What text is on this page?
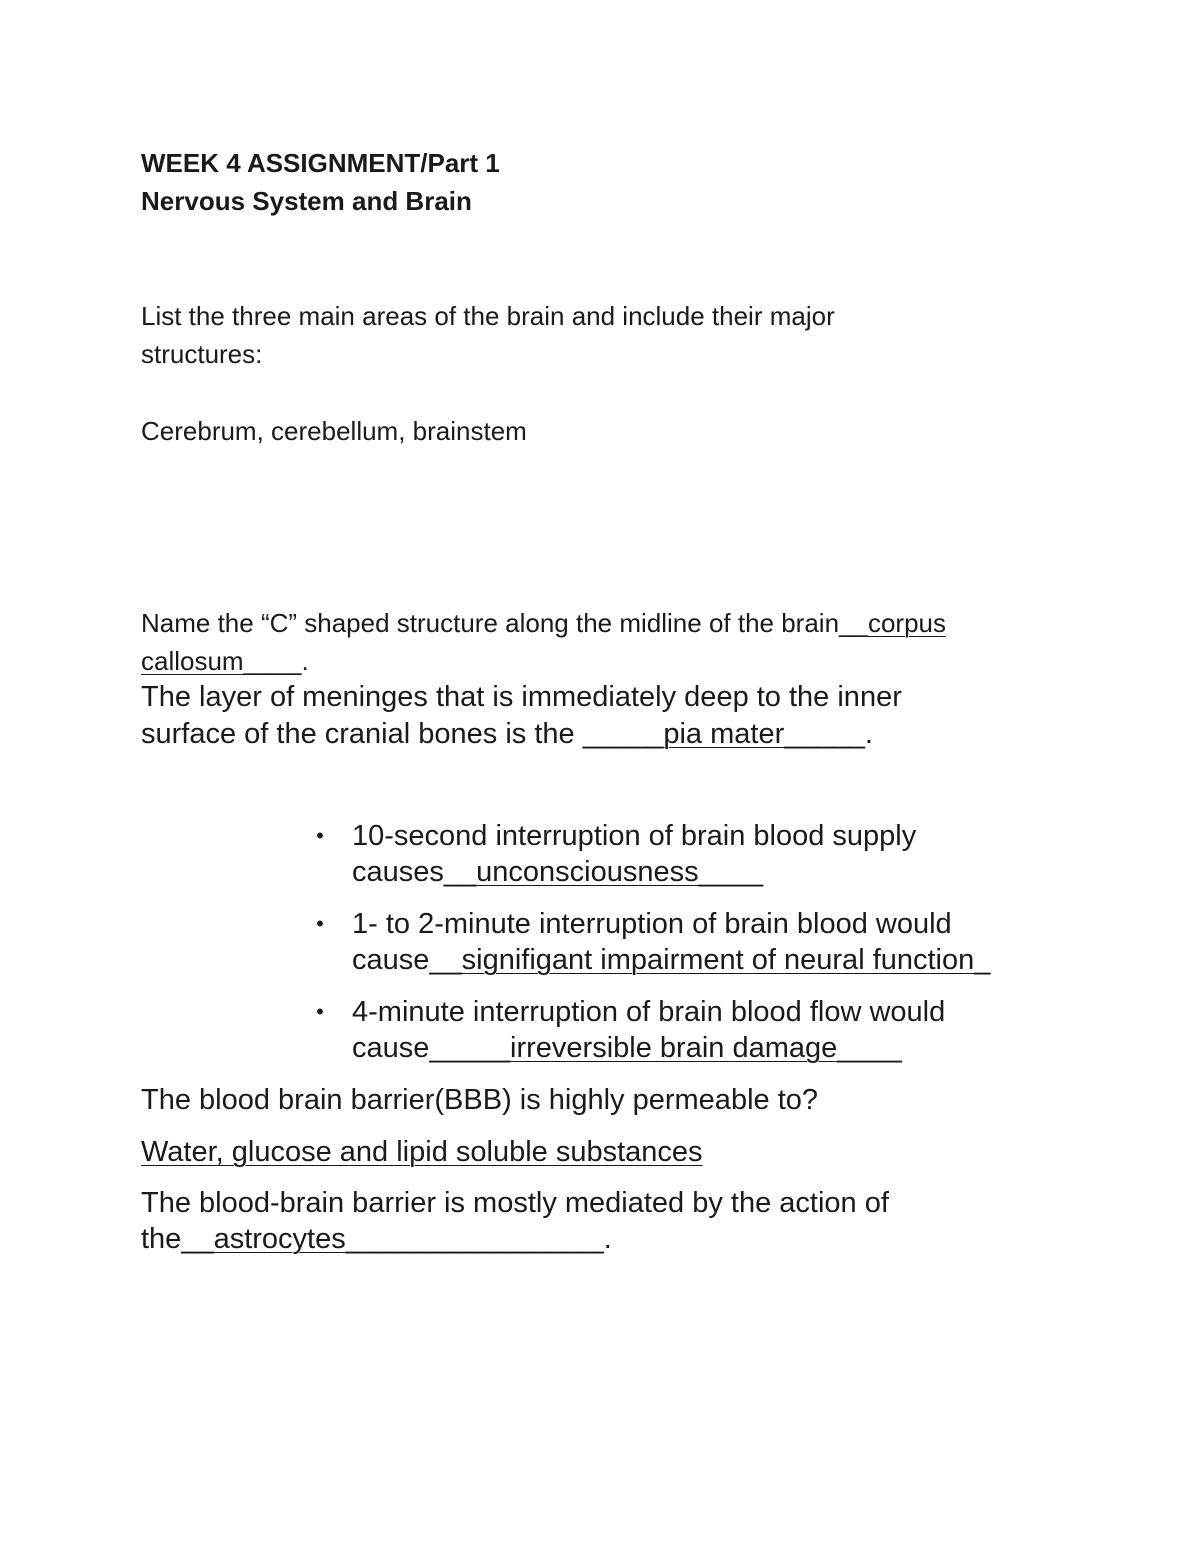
WEEK 4 ASSIGNMENT/Part 1
Nervous System and Brain
List the three main areas of the brain and include their major
structures:
Cerebrum, cerebellum, brainstem
Name the “C” shaped structure along the midline of the brain__corpus
callosum____.
The layer of meninges that is immediately deep to the inner
surface of the cranial bones is the _____pia mater_____.
• 10-second interruption of brain blood supply
causes__unconsciousness____
• 1- to 2-minute interruption of brain blood would
cause__signifigant impairment of neural function_
• 4-minute interruption of brain blood flow would
cause_____irreversible brain damage____
The blood brain barrier(BBB) is highly permeable to?
Water, glucose and lipid soluble substances
The blood-brain barrier is mostly mediated by the action of
the__astrocytes________________.
